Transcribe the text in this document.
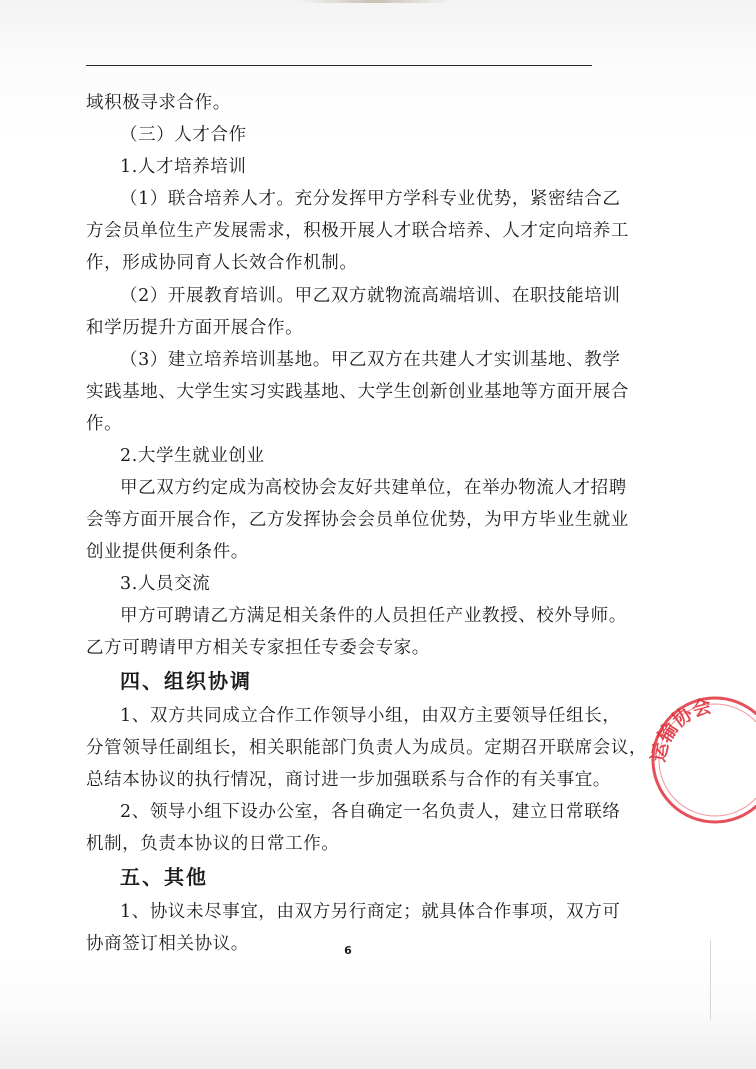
域积极寻求合作。
（三）人才合作
1.人才培养培训
（1）联合培养人才。充分发挥甲方学科专业优势，紧密结合乙
方会员单位生产发展需求，积极开展人才联合培养、人才定向培养工
作，形成协同育人长效合作机制。
（2）开展教育培训。甲乙双方就物流高端培训、在职技能培训
和学历提升方面开展合作。
（3）建立培养培训基地。甲乙双方在共建人才实训基地、教学
实践基地、大学生实习实践基地、大学生创新创业基地等方面开展合
作。
2.大学生就业创业
甲乙双方约定成为高校协会友好共建单位，在举办物流人才招聘
会等方面开展合作，乙方发挥协会会员单位优势，为甲方毕业生就业
创业提供便利条件。
3.人员交流
甲方可聘请乙方满足相关条件的人员担任产业教授、校外导师。
乙方可聘请甲方相关专家担任专委会专家。
四、组织协调
1、双方共同成立合作工作领导小组，由双方主要领导任组长，
分管领导任副组长，相关职能部门负责人为成员。定期召开联席会议，
总结本协议的执行情况，商讨进一步加强联系与合作的有关事宜。
2、领导小组下设办公室，各自确定一名负责人，建立日常联络
机制，负责本协议的日常工作。
五、其他
1、协议未尽事宜，由双方另行商定；就具体合作事项，双方可
协商签订相关协议。	6
运输协会
